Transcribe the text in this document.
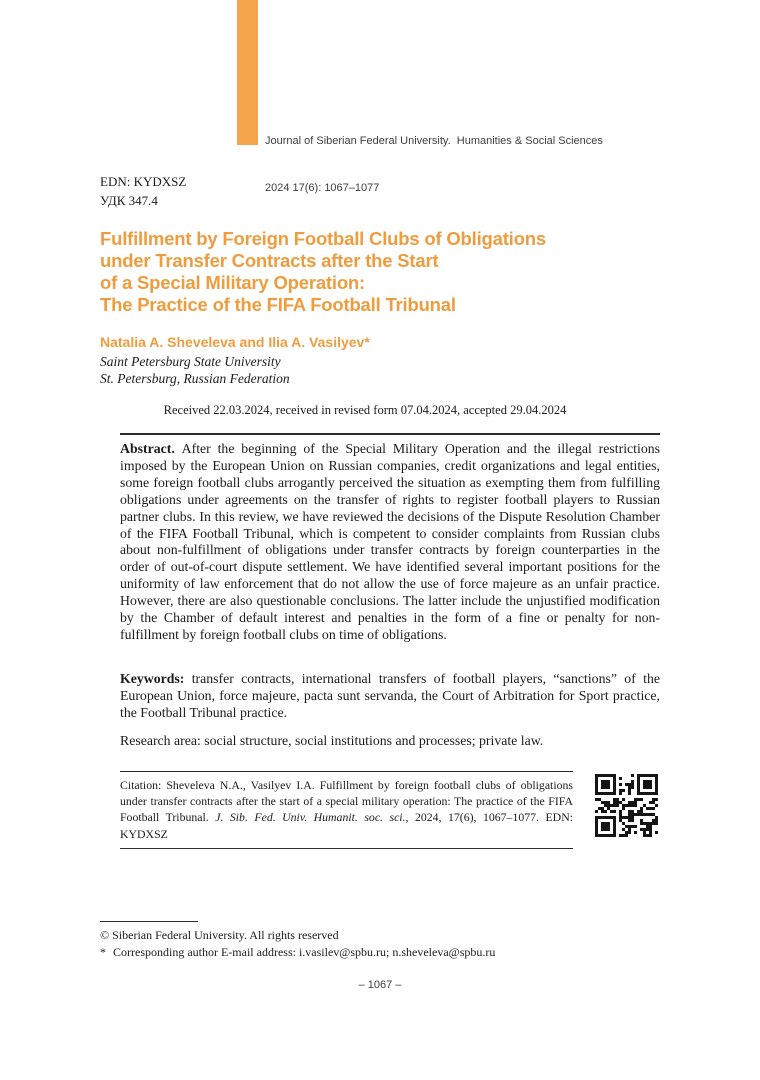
Journal of Siberian Federal University.  Humanities & Social Sciences

2024 17(6): 1067–1077

EDN: KYDXSZ
УДК 347.4
Fulfillment by Foreign Football Clubs of Obligations
under Transfer Contracts after the Start
of a Special Military Operation:
The Practice of the FIFA Football Tribunal
Natalia A. Sheveleva and Ilia A. Vasilyev*
Saint Petersburg State University
St. Petersburg, Russian Federation
Received 22.03.2024, received in revised form 07.04.2024, accepted 29.04.2024

Abstract. After the beginning of the Special Military Operation and the illegal restrictions imposed by the European Union on Russian companies, credit organizations and legal entities, some foreign football clubs arrogantly perceived the situation as exempting them from fulfilling obligations under agreements on the transfer of rights to register football players to Russian partner clubs. In this review, we have reviewed the decisions of the Dispute Resolution Chamber of the FIFA Football Tribunal, which is competent to consider complaints from Russian clubs about non-fulfillment of obligations under transfer contracts by foreign counterparties in the order of out-of-court dispute settlement. We have identified several important positions for the uniformity of law enforcement that do not allow the use of force majeure as an unfair practice. However, there are also questionable conclusions. The latter include the unjustified modification by the Chamber of default interest and penalties in the form of a fine or penalty for non-fulfillment by foreign football clubs on time of obligations.

Keywords: transfer contracts, international transfers of football players, “sanctions” of the European Union, force majeure, pacta sunt servanda, the Court of Arbitration for Sport practice, the Football Tribunal practice.

Research area: social structure, social institutions and processes; private law.

Citation: Sheveleva N.A., Vasilyev I.A. Fulfillment by foreign football clubs of obligations under transfer contracts after the start of a special military operation: The practice of the FIFA Football Tribunal. J. Sib. Fed. Univ. Humanit. soc. sci., 2024, 17(6), 1067–1077. EDN: KYDXSZ

© Siberian Federal University. All rights reserved
* Corresponding author E-mail address: i.vasilev@spbu.ru; n.sheveleva@spbu.ru
– 1067 –
